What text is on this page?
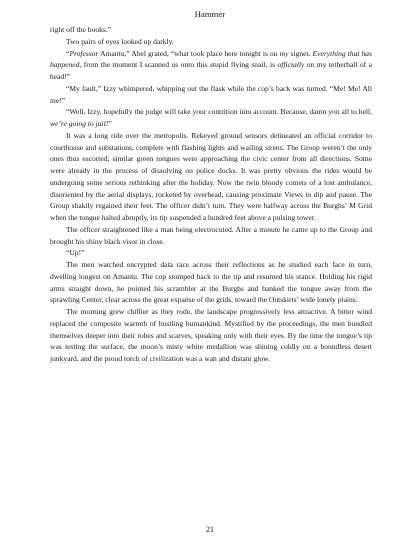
Hammer

right off the books.”

Two pairs of eyes looked up darkly.

“Professor Amantu,” Abel grated, “what took place here tonight is on my signet. Everything that has happened, from the moment I scanned us onto this stupid flying snail, is officially on my tetherball of a head!”

“My fault,” Izzy whimpered, whipping out the flask while the cop’s back was turned. “Me! Me! All me!”

“Well, Izzy, hopefully the judge will take your contrition into account. Because, damn you all to hell, we’re going to jail!”

It was a long ride over the metropolis. Rekeyed ground sensors delineated an official corridor to courthouse and substations, complete with flashing lights and wailing sirens. The Group weren’t the only ones thus escorted; similar green tongues were approaching the civic center from all directions. Some were already in the process of dissolving on police docks. It was pretty obvious the rides would be undergoing some serious rethinking after the holiday. Now the twin bloody comets of a lost ambulance, disoriented by the aerial displays, rocketed by overhead, causing proximate Views to dip and pause. The Group shakily regained their feet. The officer didn’t turn. They were halfway across the Burghs’ M Grid when the tongue halted abruptly, its tip suspended a hundred feet above a pulsing tower.

The officer straightened like a man being electrocuted. After a minute he came up to the Group and brought his shiny black visor in close.

“Up!”

The men watched encrypted data race across their reflections as he studied each face in turn, dwelling longest on Amantu. The cop stomped back to the tip and resumed his stance. Holding his rigid arms straight down, he pointed his scrambler at the Burghs and banked the tongue away from the sprawling Center, clear across the great expanse of the grids, toward the Outskirts’ wide lonely plains.

The morning grew chillier as they rode, the landscape progressively less attractive. A bitter wind replaced the composite warmth of bustling humankind. Mystified by the proceedings, the men bundled themselves deeper into their robes and scarves, speaking only with their eyes. By the time the tongue’s tip was testing the surface, the moon’s misty white medallion was shining coldly on a boundless desert junkyard, and the proud torch of civilization was a wan and distant glow.

21
